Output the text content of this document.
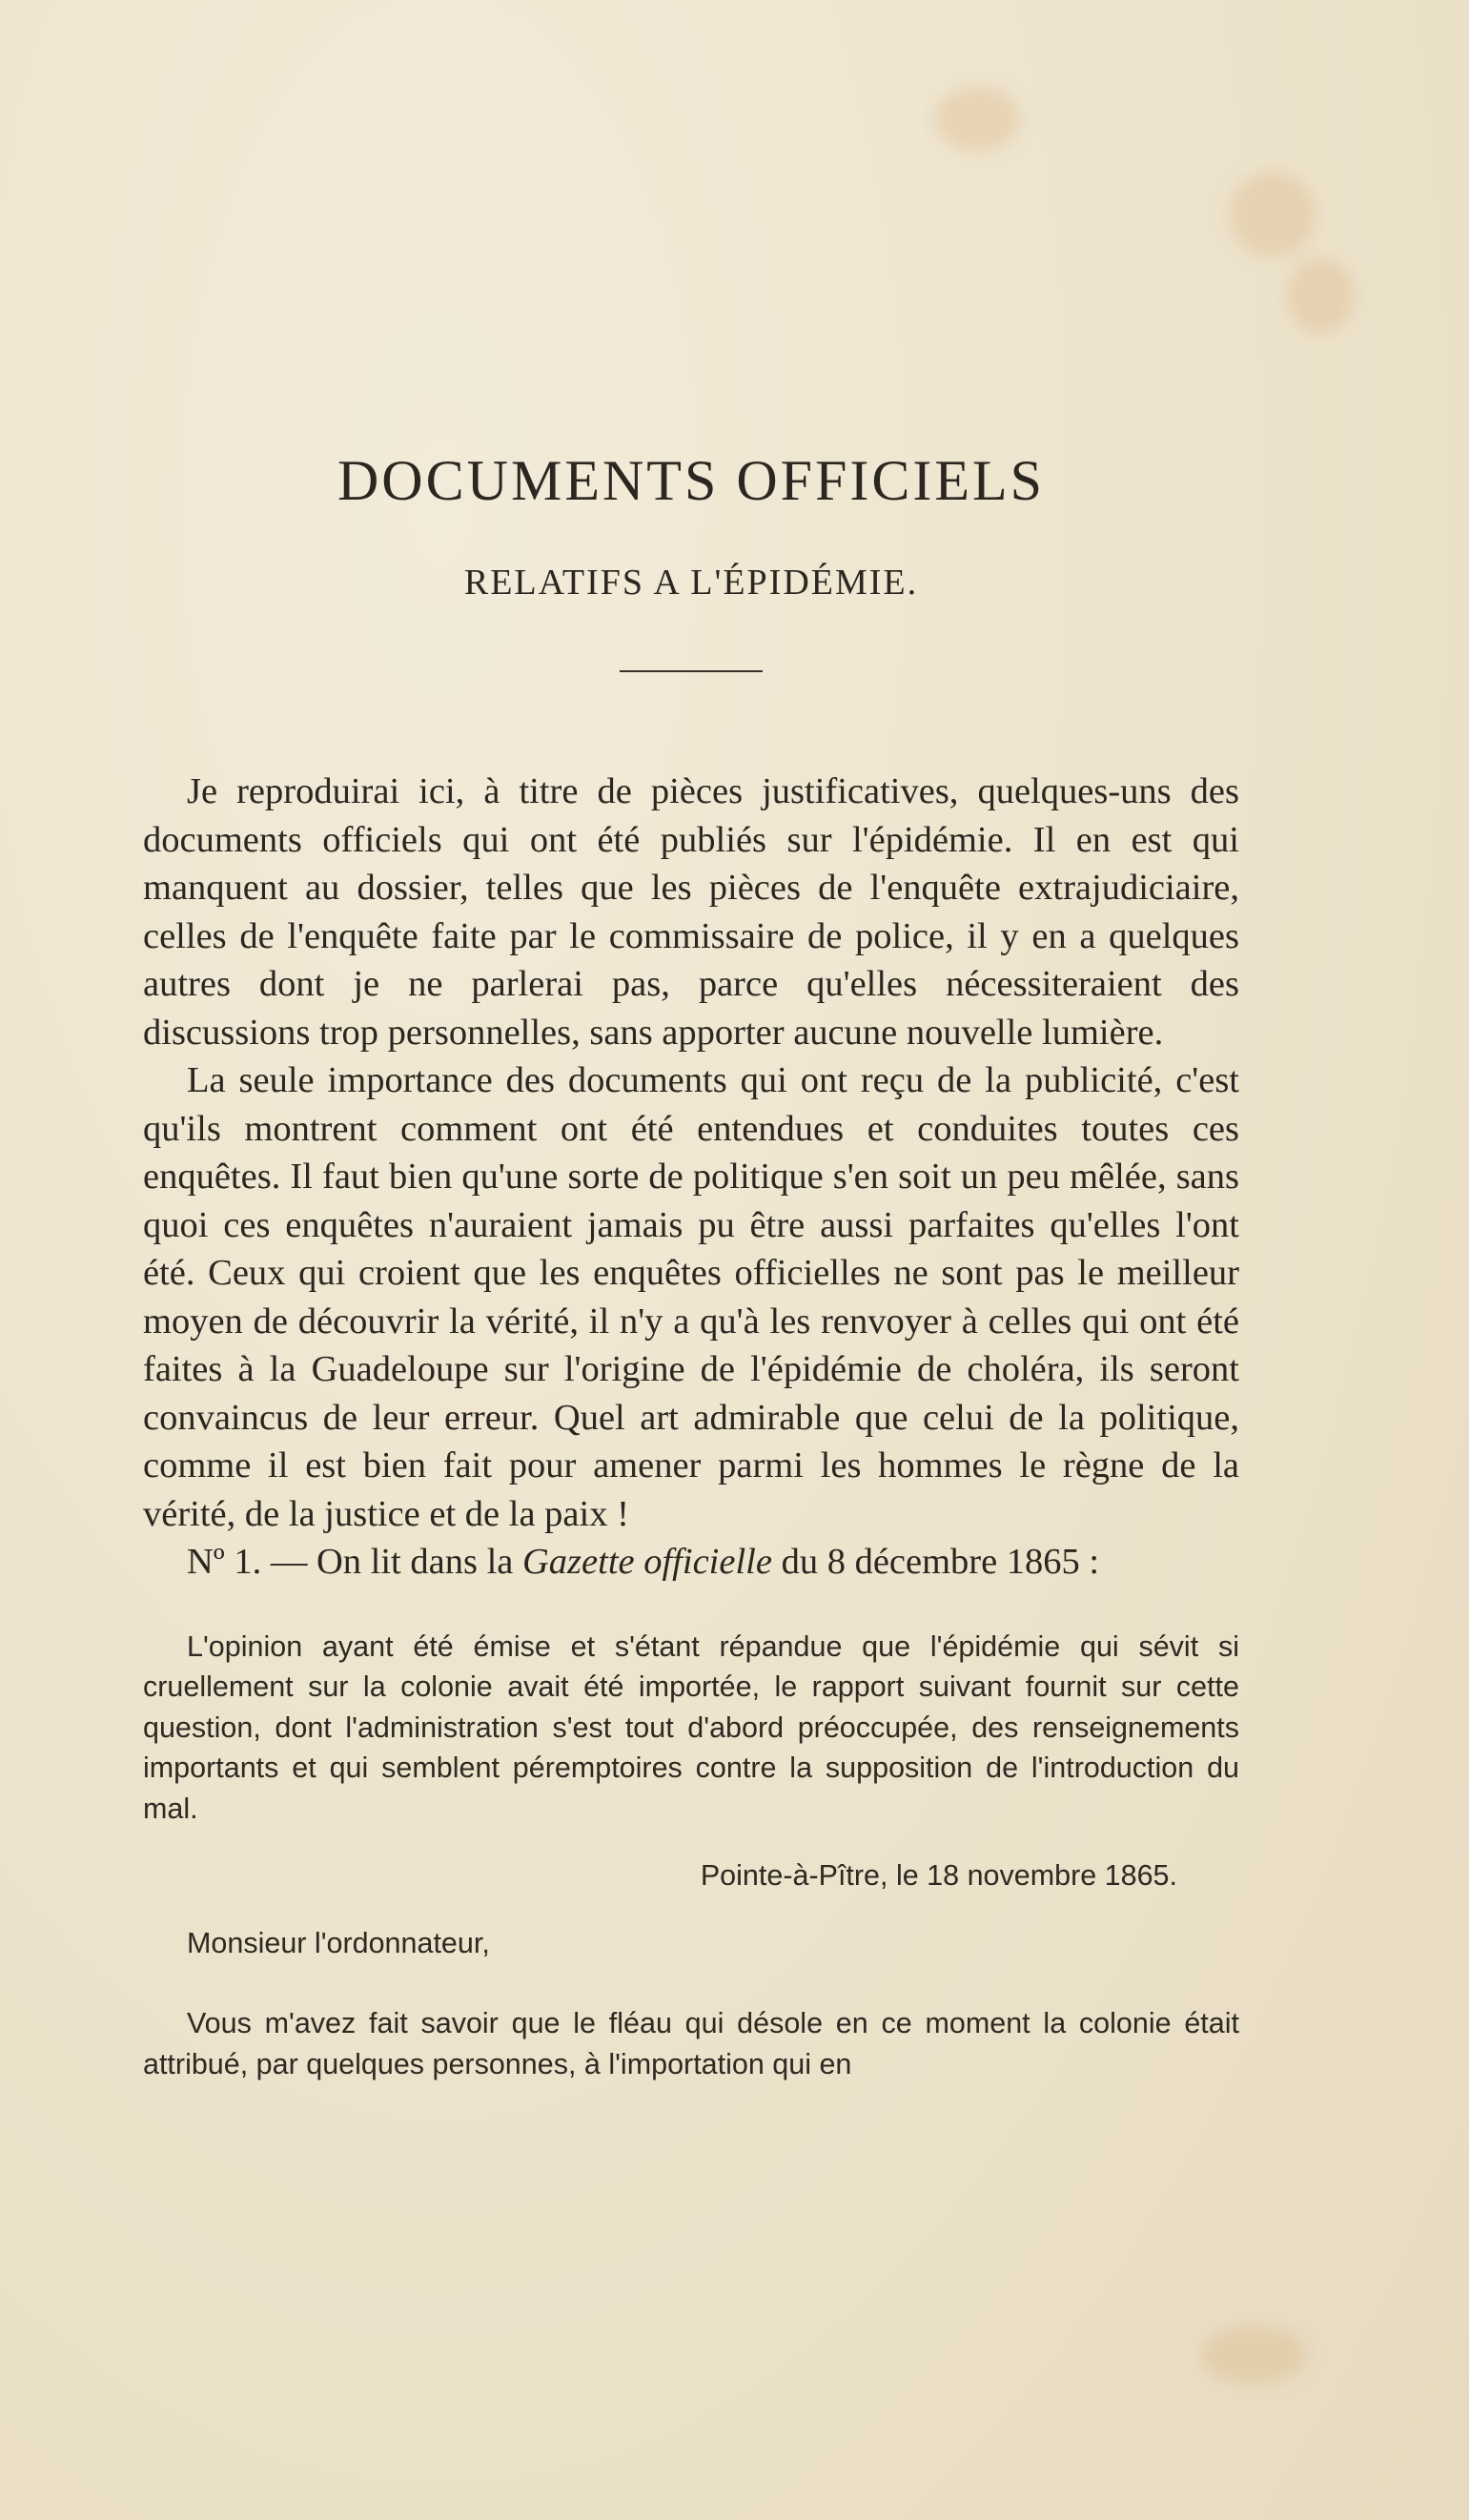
DOCUMENTS OFFICIELS
RELATIFS A L'ÉPIDÉMIE.

Je reproduirai ici, à titre de pièces justificatives, quelques-uns des documents officiels qui ont été publiés sur l'épidémie. Il en est qui manquent au dossier, telles que les pièces de l'enquête extrajudiciaire, celles de l'enquête faite par le commissaire de police, il y en a quelques autres dont je ne parlerai pas, parce qu'elles nécessiteraient des discussions trop personnelles, sans apporter aucune nouvelle lumière.

La seule importance des documents qui ont reçu de la publicité, c'est qu'ils montrent comment ont été entendues et conduites toutes ces enquêtes. Il faut bien qu'une sorte de politique s'en soit un peu mêlée, sans quoi ces enquêtes n'auraient jamais pu être aussi parfaites qu'elles l'ont été. Ceux qui croient que les enquêtes officielles ne sont pas le meilleur moyen de découvrir la vérité, il n'y a qu'à les renvoyer à celles qui ont été faites à la Guadeloupe sur l'origine de l'épidémie de choléra, ils seront convaincus de leur erreur. Quel art admirable que celui de la politique, comme il est bien fait pour amener parmi les hommes le règne de la vérité, de la justice et de la paix !

Nº 1. — On lit dans la Gazette officielle du 8 décembre 1865 :

L'opinion ayant été émise et s'étant répandue que l'épidémie qui sévit si cruellement sur la colonie avait été importée, le rapport suivant fournit sur cette question, dont l'administration s'est tout d'abord préoccupée, des renseignements importants et qui semblent péremptoires contre la supposition de l'introduction du mal.

Pointe-à-Pître, le 18 novembre 1865.

Monsieur l'ordonnateur,

Vous m'avez fait savoir que le fléau qui désole en ce moment la colonie était attribué, par quelques personnes, à l'importation qui en
